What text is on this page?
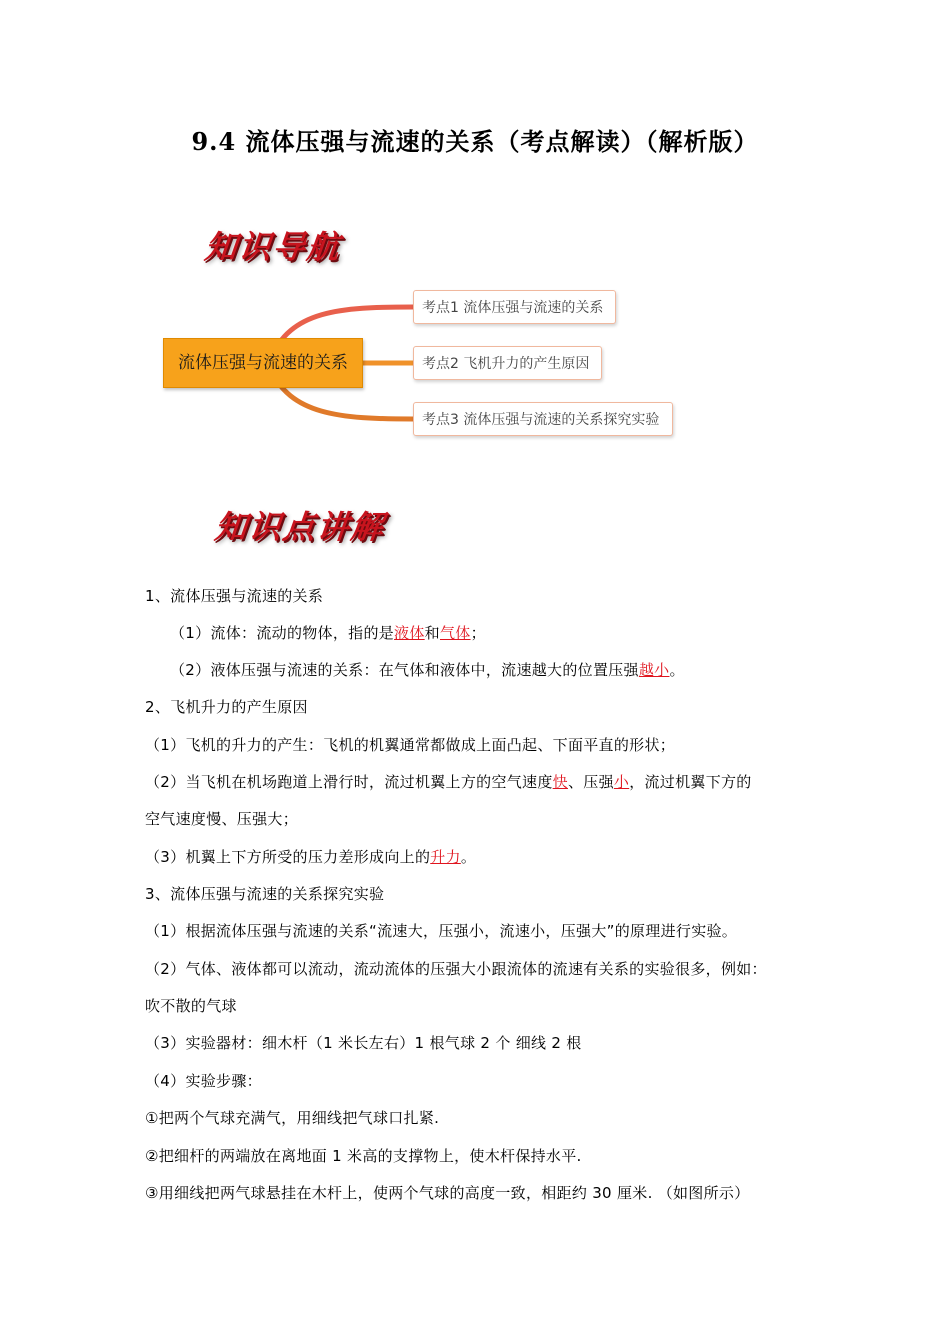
9.4 流体压强与流速的关系（考点解读）（解析版）
知识导航
流体压强与流速的关系
考点1 流体压强与流速的关系
考点2 飞机升力的产生原因
考点3 流体压强与流速的关系探究实验
知识点讲解
1、流体压强与流速的关系
（1）流体：流动的物体，指的是液体和气体；
（2）液体压强与流速的关系：在气体和液体中，流速越大的位置压强越小。
2、飞机升力的产生原因
（1）飞机的升力的产生：飞机的机翼通常都做成上面凸起、下面平直的形状；
（2）当飞机在机场跑道上滑行时，流过机翼上方的空气速度快、压强小，流过机翼下方的
空气速度慢、压强大；
（3）机翼上下方所受的压力差形成向上的升力。
3、流体压强与流速的关系探究实验
（1）根据流体压强与流速的关系“流速大，压强小，流速小，压强大”的原理进行实验。
（2）气体、液体都可以流动，流动流体的压强大小跟流体的流速有关系的实验很多，例如：
吹不散的气球
（3）实验器材：细木杆（1 米长左右）1 根气球 2 个 细线 2 根
（4）实验步骤：
①把两个气球充满气，用细线把气球口扎紧.
②把细杆的两端放在离地面 1 米高的支撑物上，使木杆保持水平.
③用细线把两气球悬挂在木杆上，使两个气球的高度一致，相距约 30 厘米. （如图所示）
